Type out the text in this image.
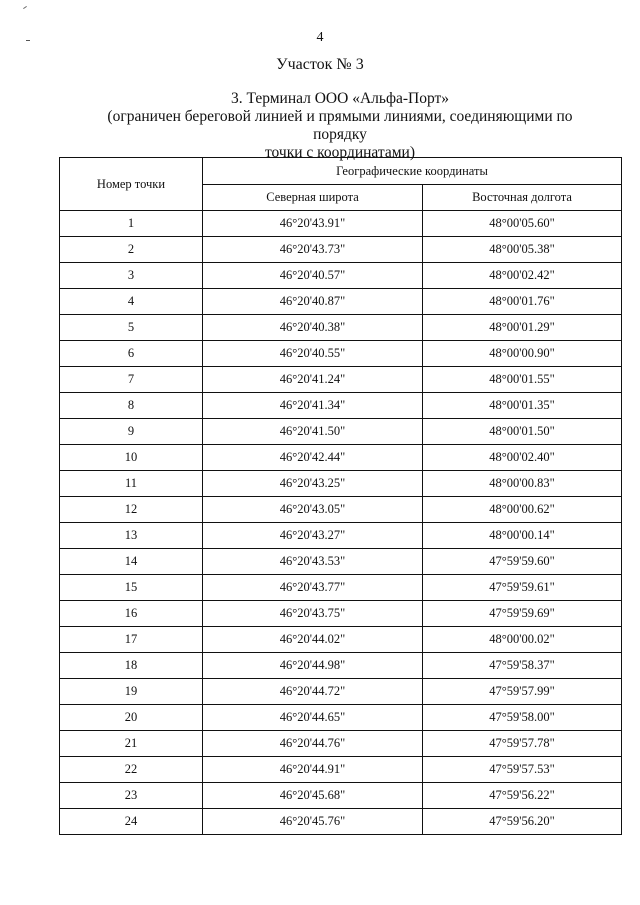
4
Участок № 3
3. Терминал ООО «Альфа-Порт»
(ограничен береговой линией и прямыми линиями, соединяющими по порядку
точки с координатами)
Номер точки	Географические координаты	
	Северная широта	Восточная долгота
1	46°20'43.91"	48°00'05.60"
2	46°20'43.73"	48°00'05.38"
3	46°20'40.57"	48°00'02.42"
4	46°20'40.87"	48°00'01.76"
5	46°20'40.38"	48°00'01.29"
6	46°20'40.55"	48°00'00.90"
7	46°20'41.24"	48°00'01.55"
8	46°20'41.34"	48°00'01.35"
9	46°20'41.50"	48°00'01.50"
10	46°20'42.44"	48°00'02.40"
11	46°20'43.25"	48°00'00.83"
12	46°20'43.05"	48°00'00.62"
13	46°20'43.27"	48°00'00.14"
14	46°20'43.53"	47°59'59.60"
15	46°20'43.77"	47°59'59.61"
16	46°20'43.75"	47°59'59.69"
17	46°20'44.02"	48°00'00.02"
18	46°20'44.98"	47°59'58.37"
19	46°20'44.72"	47°59'57.99"
20	46°20'44.65"	47°59'58.00"
21	46°20'44.76"	47°59'57.78"
22	46°20'44.91"	47°59'57.53"
23	46°20'45.68"	47°59'56.22"
24	46°20'45.76"	47°59'56.20"
